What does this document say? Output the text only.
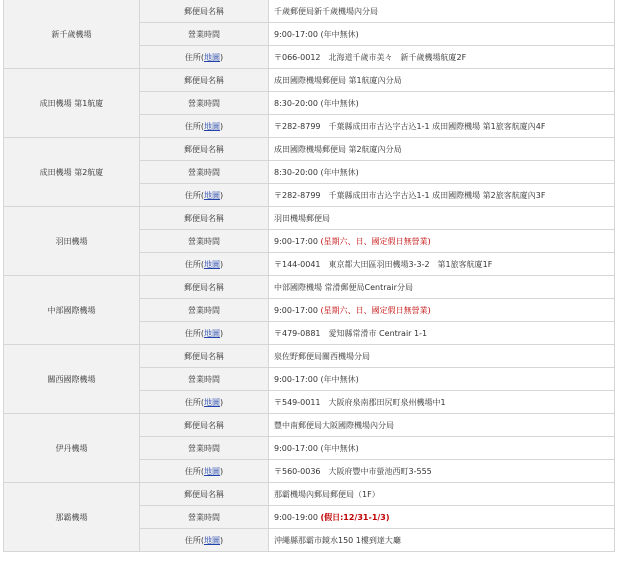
新千歲機場	郵便局名稱	千歲郵便局新千歲機場內分局
	營業時間	9:00-17:00 (年中無休)
	住所(地圖)	〒066-0012　北海道千歲市美々　新千歲機場航廈2F
成田機場 第1航廈	郵便局名稱	成田國際機場郵便局 第1航廈內分局
	營業時間	8:30-20:00 (年中無休)
	住所(地圖)	〒282-8799　千葉縣成田市古込字古込1-1 成田國際機場 第1旅客航廈內4F
成田機場 第2航廈	郵便局名稱	成田國際機場郵便局 第2航廈內分局
	營業時間	8:30-20:00 (年中無休)
	住所(地圖)	〒282-8799　千葉縣成田市古込字古込1-1 成田國際機場 第2旅客航廈內3F
羽田機場	郵便局名稱	羽田機場郵便局
	營業時間	9:00-17:00 (星期六、日、國定假日無營業)
	住所(地圖)	〒144-0041　東京都大田區羽田機場3-3-2　第1旅客航廈1F
中部國際機場	郵便局名稱	中部國際機場 常滑郵便局Centrair分局
	營業時間	9:00-17:00 (星期六、日、國定假日無營業)
	住所(地圖)	〒479-0881　愛知縣常滑市 Centrair 1-1
關西國際機場	郵便局名稱	泉佐野郵便局關西機場分局
	營業時間	9:00-17:00 (年中無休)
	住所(地圖)	〒549-0011　大阪府泉南郡田尻町泉州機場中1
伊丹機場	郵便局名稱	豐中南郵便局大阪國際機場內分局
	營業時間	9:00-17:00 (年中無休)
	住所(地圖)	〒560-0036　大阪府豐中市螢池西町3-555
那霸機場	郵便局名稱	那霸機場內郵局郵便局（1F）
	營業時間	9:00-19:00 (假日:12/31-1/3)
	住所(地圖)	沖繩縣那霸市鏡水150 1樓到達大廳
